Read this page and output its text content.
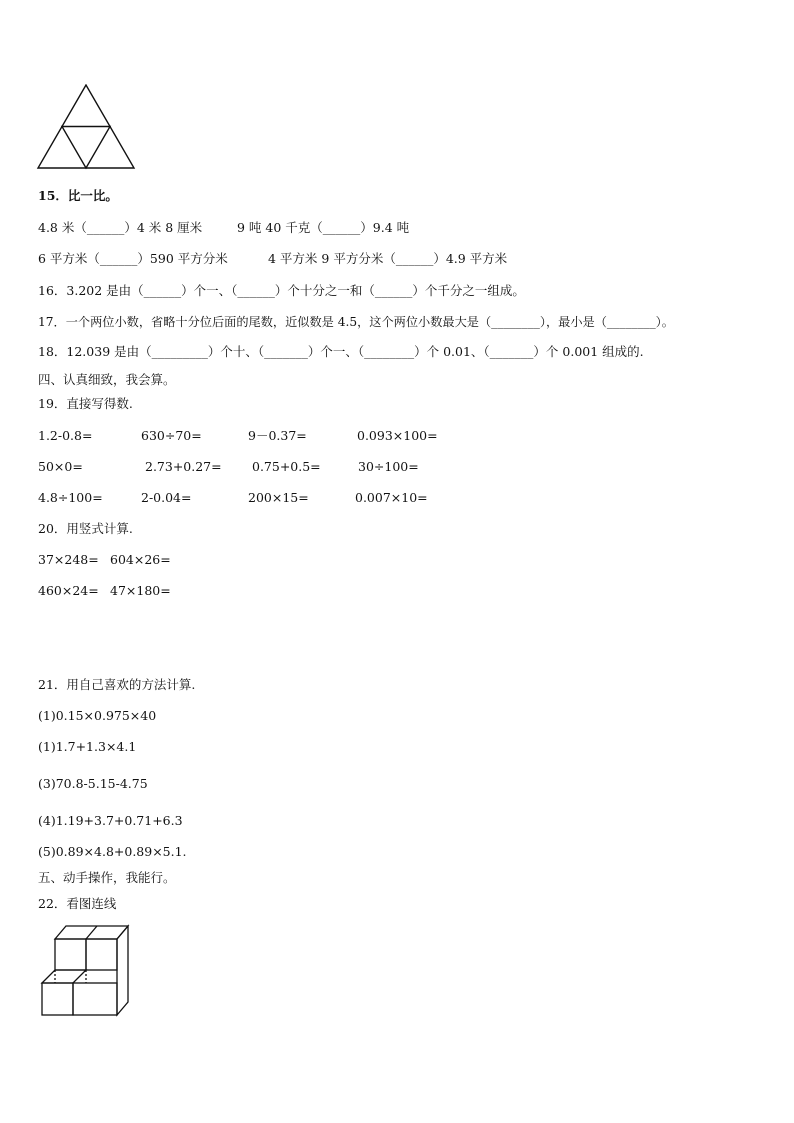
15．比一比。
4.8 米（______）4 米 8 厘米	9 吨 40 千克（______）9.4 吨
6 平方米（______）590 平方分米	4 平方米 9 平方分米（______）4.9 平方米
16．3.202 是由（______）个一、（______）个十分之一和（______）个千分之一组成。
17．一个两位小数，省略十分位后面的尾数，近似数是 4.5，这个两位小数最大是（________），最小是（________）。
18．12.039 是由（_________）个十、（_______）个一、（________）个 0.01、（_______）个 0.001 组成的.
四、认真细致，我会算。
19．直接写得数.
1.2-0.8=	630÷70=	9－0.37=	0.093×100=
50×0=	2.73+0.27= 0.75+0.5=	30÷100=
4.8÷100=	2-0.04=	200×15=	0.007×10=
20．用竖式计算.
37×248= 604×26=
460×24= 47×180=
21．用自己喜欢的方法计算.
(1)0.15×0.975×40
(1)1.7+1.3×4.1
(3)70.8-5.15-4.75
(4)1.19+3.7+0.71+6.3
(5)0.89×4.8+0.89×5.1.
五、动手操作，我能行。
22．看图连线
